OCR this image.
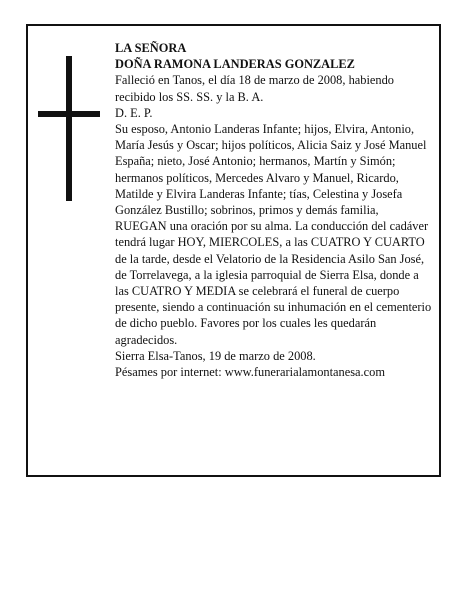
LA SEÑORA

DOÑA RAMONA LANDERAS GONZALEZ

Falleció en Tanos, el día 18 de marzo de 2008, habiendo recibido los SS. SS. y la B. A.

D. E. P.

Su esposo, Antonio Landeras Infante; hijos, Elvira, Antonio, María Jesús y Oscar; hijos políticos, Alicia Saiz y José Manuel España; nieto, José Antonio; hermanos, Martín y Simón; hermanos políticos, Mercedes Alvaro y Manuel, Ricardo, Matilde y Elvira Landeras Infante; tías, Celestina y Josefa González Bustillo; sobrinos, primos y demás familia,

RUEGAN una oración por su alma. La conducción del cadáver tendrá lugar HOY, MIERCOLES, a las CUATRO Y CUARTO de la tarde, desde el Velatorio de la Residencia Asilo San José, de Torrelavega, a la iglesia parroquial de Sierra Elsa, donde a las CUATRO Y MEDIA se celebrará el funeral de cuerpo presente, siendo a continuación su inhumación en el cementerio de dicho pueblo. Favores por los cuales les quedarán agradecidos.

Sierra Elsa-Tanos, 19 de marzo de 2008.

Pésames por internet: www.funerarialamontanesa.com
